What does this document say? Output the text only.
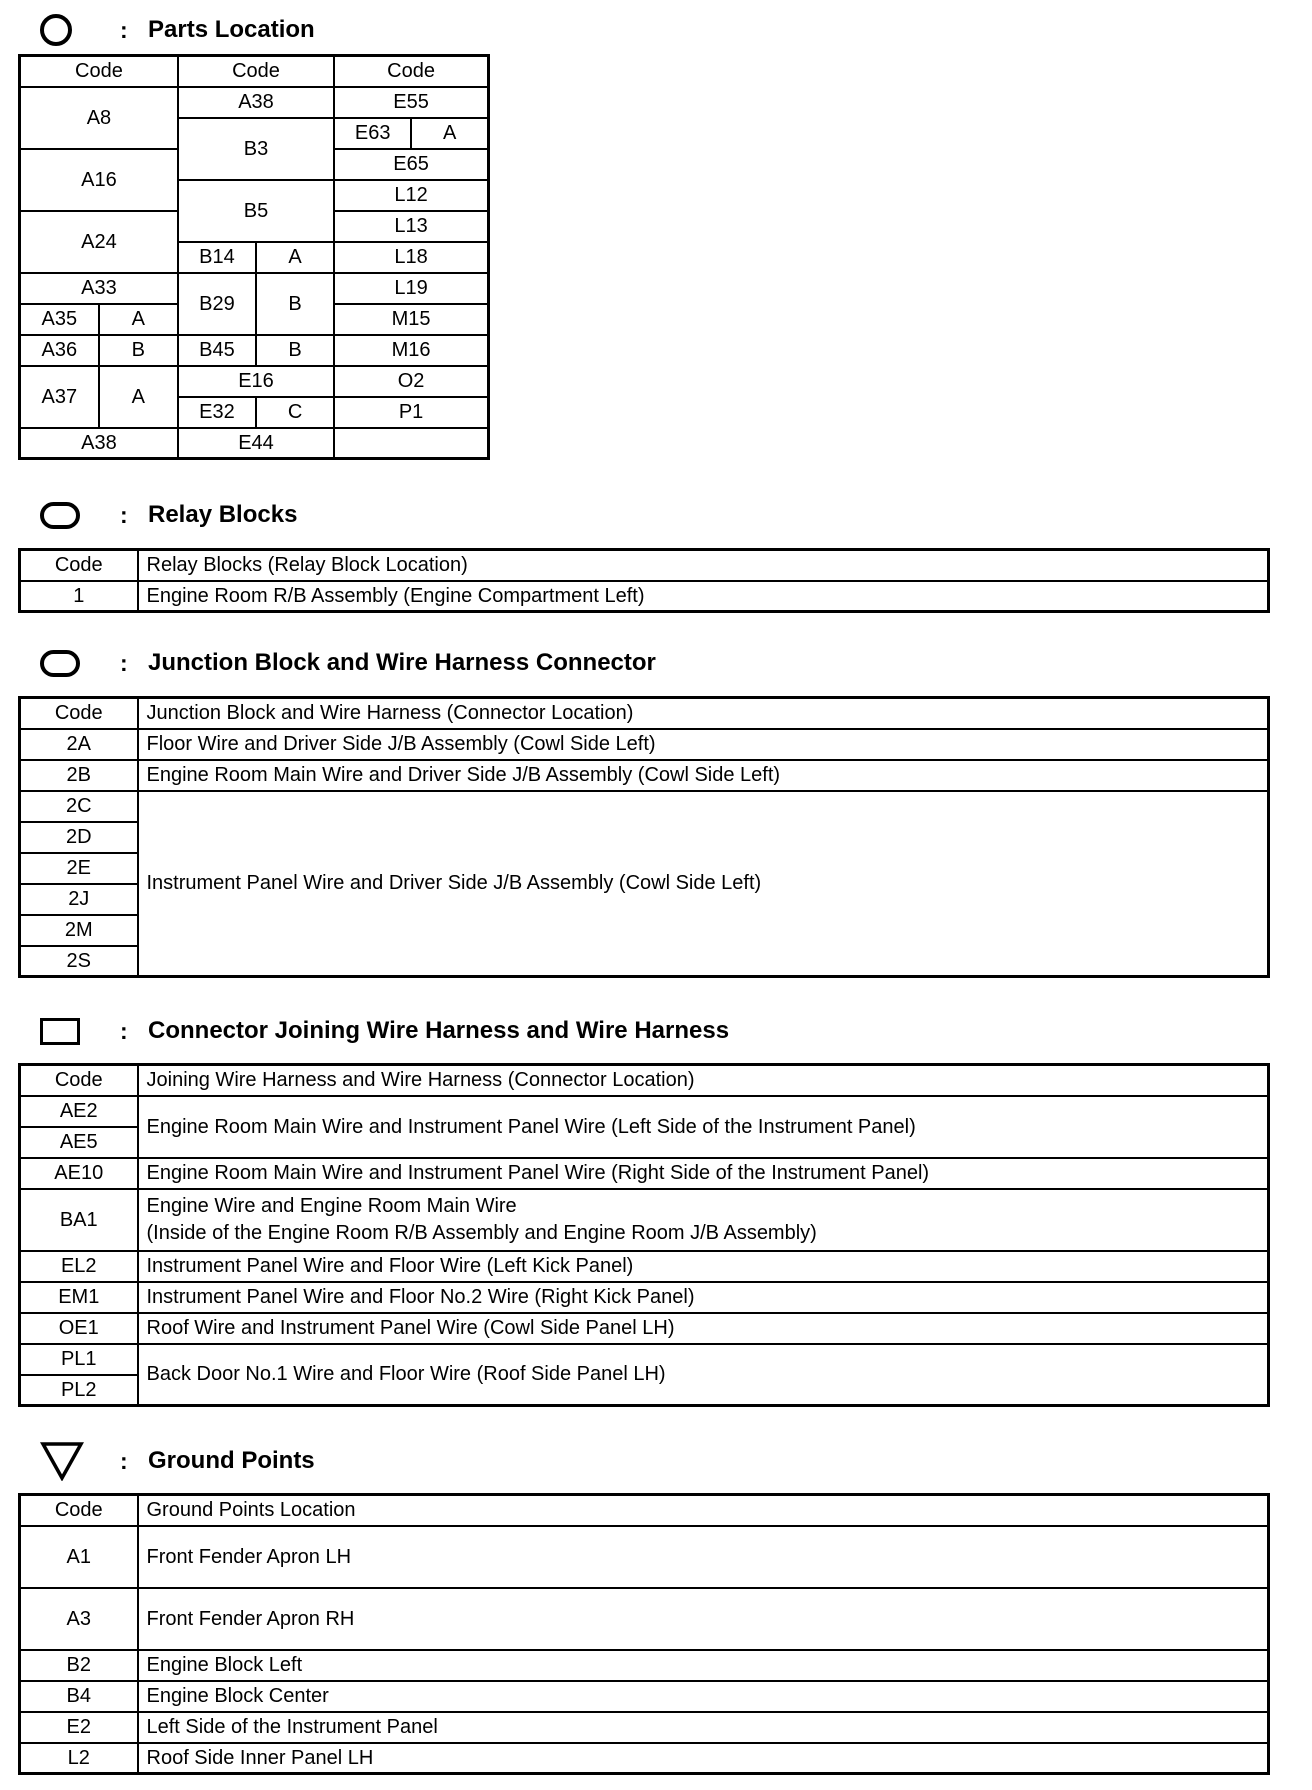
: Parts Location
Code		Code		Code	
A8		A38		E55	
		B3		E63	A
A16				E65	
		B5		L12	
A24				L13	
		B14	A	L18	
A33		B29	B	L19	
A35	A			M15	
A36	B	B45	B	M16	
A37	A	E16		O2	
		E32	C	P1	
A38		E44			
: Relay Blocks
Code	Relay Blocks (Relay Block Location)
1	Engine Room R/B Assembly (Engine Compartment Left)
: Junction Block and Wire Harness Connector
Code	Junction Block and Wire Harness (Connector Location)
2A	Floor Wire and Driver Side J/B Assembly (Cowl Side Left)
2B	Engine Room Main Wire and Driver Side J/B Assembly (Cowl Side Left)
2C	Instrument Panel Wire and Driver Side J/B Assembly (Cowl Side Left)
2D	
2E	
2J	
2M	
2S	
: Connector Joining Wire Harness and Wire Harness
Code	Joining Wire Harness and Wire Harness (Connector Location)
AE2	Engine Room Main Wire and Instrument Panel Wire (Left Side of the Instrument Panel)
AE5	
AE10	Engine Room Main Wire and Instrument Panel Wire (Right Side of the Instrument Panel)
BA1	Engine Wire and Engine Room Main Wire
(Inside of the Engine Room R/B Assembly and Engine Room J/B Assembly)

EL2	Instrument Panel Wire and Floor Wire (Left Kick Panel)
EM1	Instrument Panel Wire and Floor No.2 Wire (Right Kick Panel)
OE1	Roof Wire and Instrument Panel Wire (Cowl Side Panel LH)
PL1	Back Door No.1 Wire and Floor Wire (Roof Side Panel LH)
PL2	
: Ground Points
Code	Ground Points Location
A1	Front Fender Apron LH
A3	Front Fender Apron RH
B2	Engine Block Left
B4	Engine Block Center
E2	Left Side of the Instrument Panel
L2	Roof Side Inner Panel LH
